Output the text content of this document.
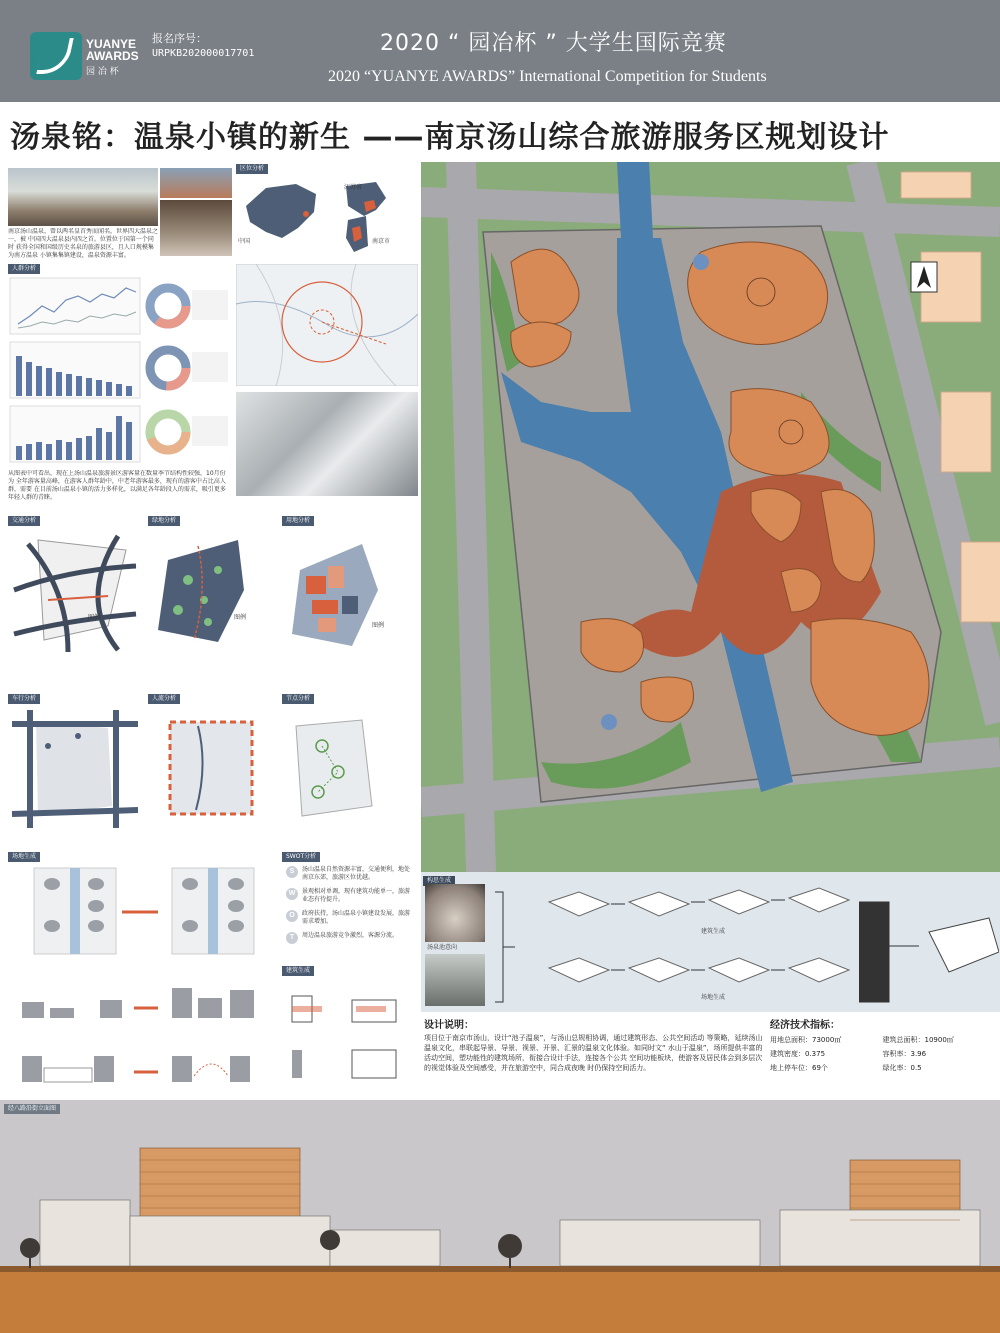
YUANYE AWARDS
园 冶 杯
报名序号：
URPKB202000017701	2020 “ 园冶杯 ” 大学生国际竞赛
2020 “YUANYE AWARDS” International Competition for Students
汤泉铭：温泉小镇的新生 ——南京汤山综合旅游服务区规划设计
南京汤山温泉，曾以两名皇首秀而闻名，世界四大温泉之一，被 中国四大温泉县内四之首。位置位于国第一个同时 获得全国和国级历史名泉的旅游县区，且人口规模集为南方温泉 小镇集集镇建设，温泉资源丰富。
人群分析
从图表中可看出，现在上汤山温泉旅游景区游客量在数量季节结构性较强，10月份为 全年游客量高峰，在游客人群年龄中，中老年游客最多，现有的游客中占比高人群，需要 在目前汤山温泉小镇的活力多样化，以满足各年龄段人的需求，吸引更多年轻人群的青睐。
区位分析
中国
江苏省
南京市
交通分析	绿地分析	用地分析
图例	图例
图例
车行分析	人流分析	节点分析
场地生成	SWOT分析
S	汤山温泉自然资源丰富，交通便利，地处南京东郊，旅游区位优越。
W	景观相对单调，现有建筑功能单一，旅游业态有待提升。
O	政府扶持，汤山温泉小镇建设发展，旅游需求增加。
T	周边温泉旅游竞争激烈，客源分流。
建筑生成
构思生成
汤泉池意向
建筑生成
场地生成
设计说明：
项目位于南京市汤山，设计“池子温泉”，与汤山总规相协调，通过建筑形态、公共空间活动 等策略，延续汤山温泉文化，串联起导景、导景、视景、开景、汇景的温泉文化体验。如同时文“ 水山于温泉”，场所提供丰富的活动空间，塑功能性的建筑场所，衔接合设计手法，连接各个公共 空间功能板块，使游客及居民体会到多层次的视觉体验及空间感受，并在旅游空中，同合成夜晚 时仍保持空间活力。
经济技术指标：
用地总面积：73000㎡	建筑总面积：10900㎡
建筑密度：0.375	容积率：3.96
地上停车位：69个	绿化率：0.5
经八路沿街立面图
